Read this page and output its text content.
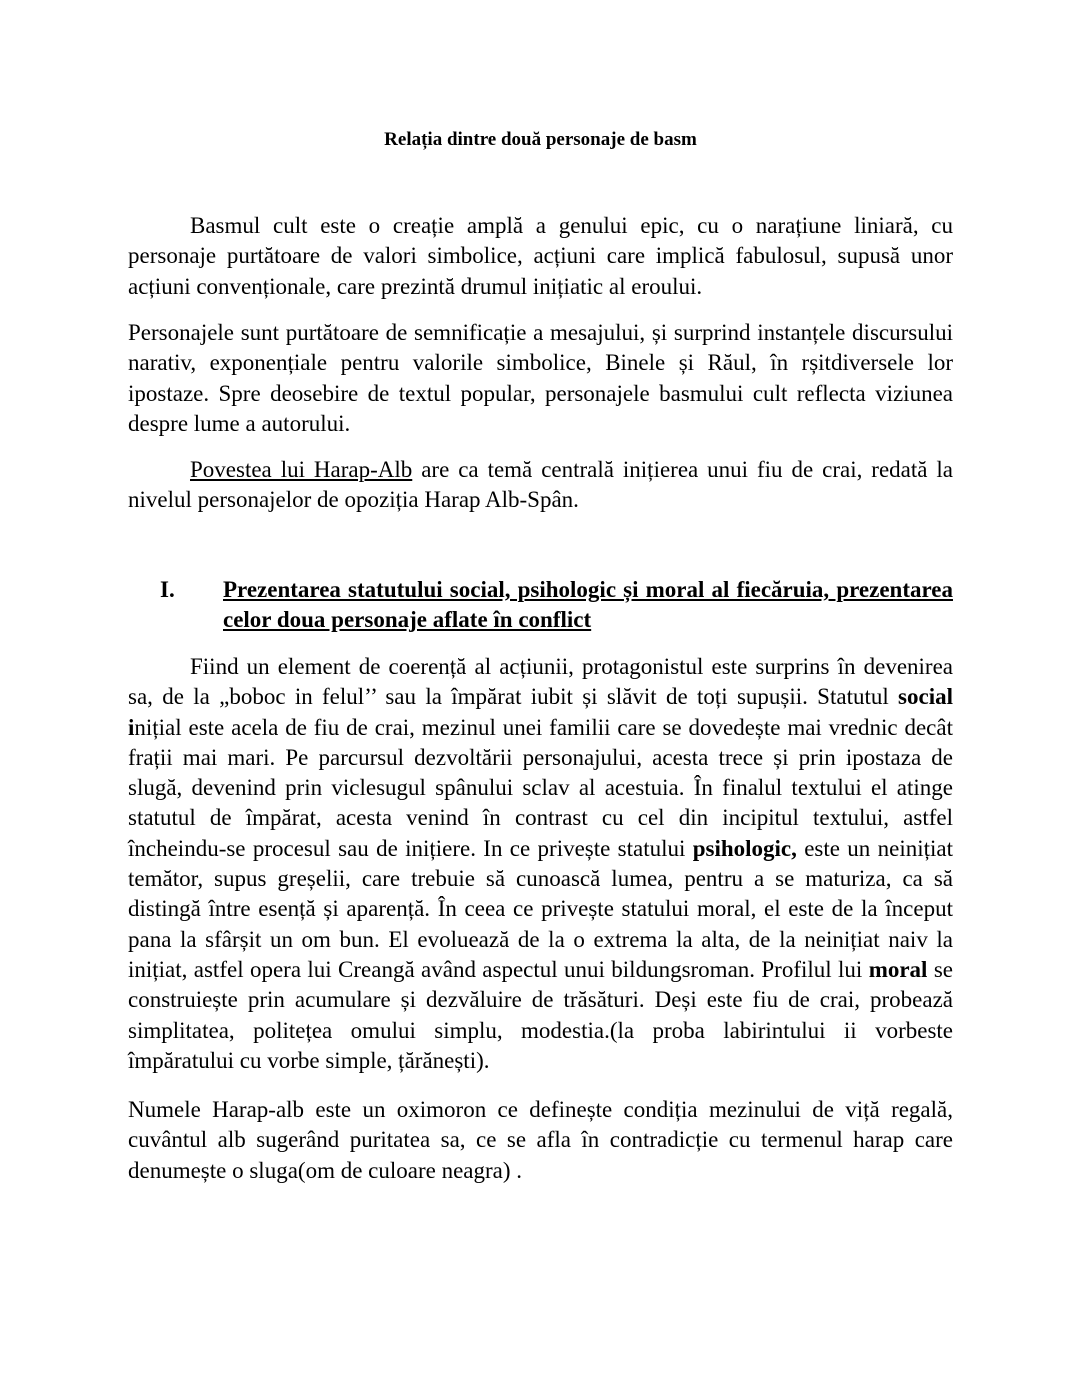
Relația dintre două personaje de basm

Basmul cult este o creație amplă a genului epic, cu o narațiune liniară, cu personaje purtătoare de valori simbolice, acțiuni care implică fabulosul, supusă unor acțiuni convenționale, care prezintă drumul inițiatic al eroului.

Personajele sunt purtătoare de semnificație a mesajului, și surprind instanțele discursului narativ, exponențiale pentru valorile simbolice, Binele și Răul, în rșitdiversele lor ipostaze. Spre deosebire de textul popular, personajele basmului cult reflecta viziunea despre lume a autorului.

Povestea lui Harap-Alb are ca temă centrală inițierea unui fiu de crai, redată la nivelul personajelor de opoziția Harap Alb-Spân.

I. Prezentarea statutului social, psihologic și moral al fiecăruia, prezentarea celor doua personaje aflate în conflict

Fiind un element de coerență al acțiunii, protagonistul este surprins în devenirea sa, de la „boboc in felul’’ sau la împărat iubit și slăvit de toți supușii. Statutul social inițial este acela de fiu de crai, mezinul unei familii care se dovedește mai vrednic decât frații mai mari. Pe parcursul dezvoltării personajului, acesta trece și prin ipostaza de slugă, devenind prin viclesugul spânului sclav al acestuia. În finalul textului el atinge statutul de împărat, acesta venind în contrast cu cel din incipitul textului, astfel încheindu-se procesul sau de inițiere. In ce privește statului psihologic, este un neinițiat temător, supus greșelii, care trebuie să cunoască lumea, pentru a se maturiza, ca să distingă între esență și aparență. În ceea ce privește statului moral, el este de la început pana la sfârșit un om bun. El evoluează de la o extrema la alta, de la neinițiat naiv la inițiat, astfel opera lui Creangă având aspectul unui bildungsroman. Profilul lui moral se construiește prin acumulare și dezvăluire de trăsături. Deși este fiu de crai, probează simplitatea, politețea omului simplu, modestia.(la proba labirintului ii vorbeste împăratului cu vorbe simple, țărănești).

Numele Harap-alb este un oximoron ce definește condiția mezinului de viță regală, cuvântul alb sugerând puritatea sa, ce se afla în contradicție cu termenul harap care denumește o sluga(om de culoare neagra) .
